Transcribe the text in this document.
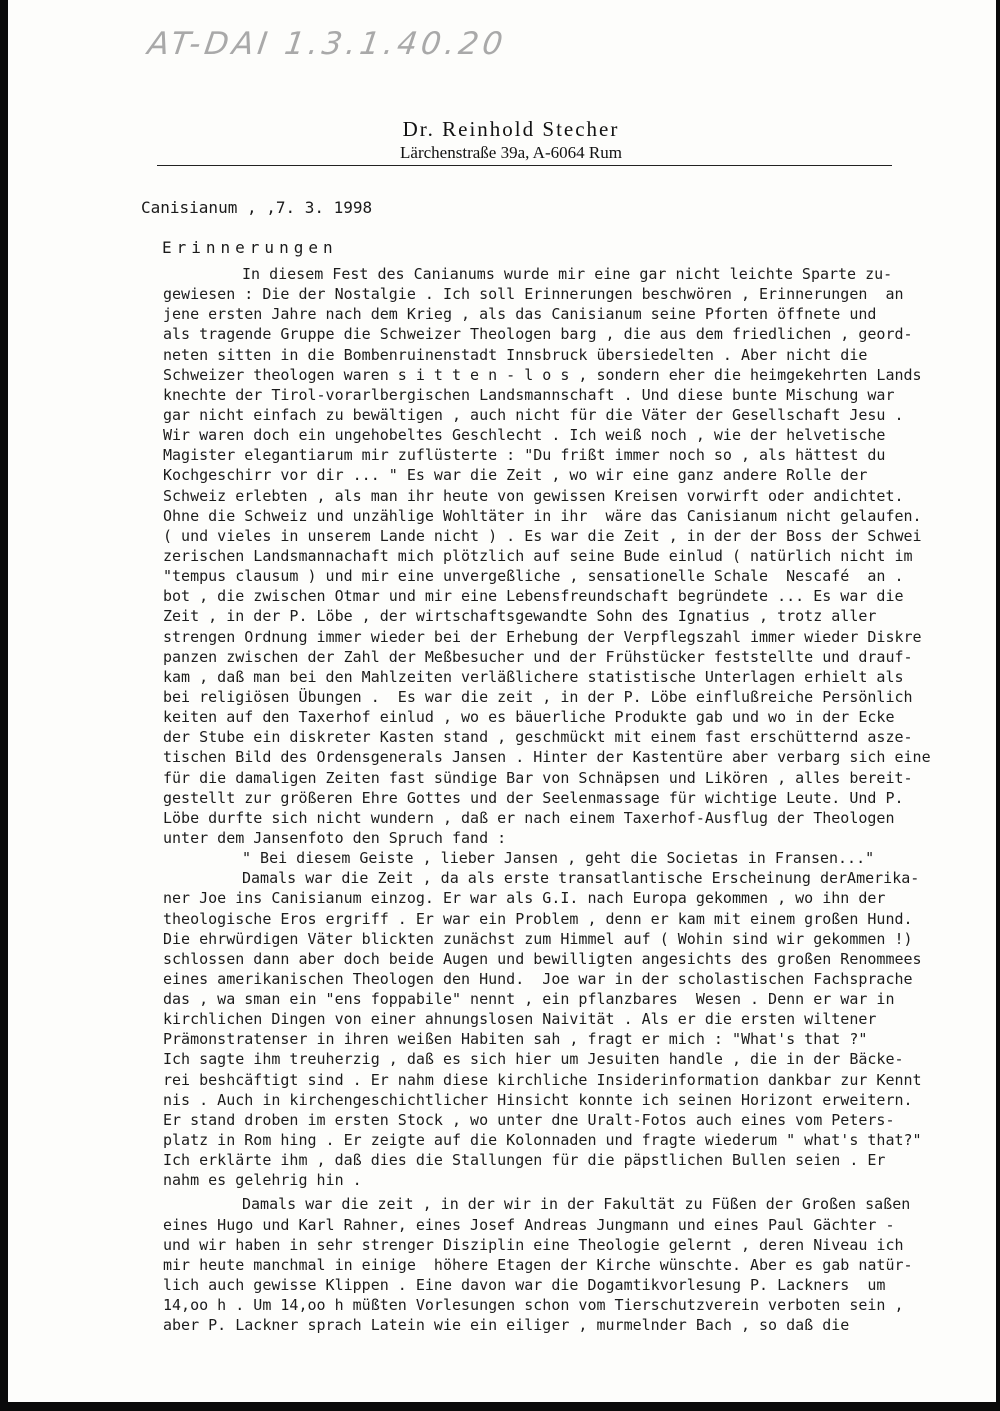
AT-DAI 1.3.1.40.20
Dr. Reinhold Stecher
Lärchenstraße 39a, A-6064 Rum
Canisianum , ,7. 3. 1998
Erinnerungen
In diesem Fest des Canianums wurde mir eine gar nicht leichte Sparte zu-
gewiesen : Die der Nostalgie . Ich soll Erinnerungen beschwören , Erinnerungen  an
jene ersten Jahre nach dem Krieg , als das Canisianum seine Pforten öffnete und
als tragende Gruppe die Schweizer Theologen barg , die aus dem friedlichen , geord-
neten sitten in die Bombenruinenstadt Innsbruck übersiedelten . Aber nicht die
Schweizer theologen waren s i t t e n - l o s , sondern eher die heimgekehrten Lands
knechte der Tirol-vorarlbergischen Landsmannschaft . Und diese bunte Mischung war
gar nicht einfach zu bewältigen , auch nicht für die Väter der Gesellschaft Jesu .
Wir waren doch ein ungehobeltes Geschlecht . Ich weiß noch , wie der helvetische
Magister elegantiarum mir zuflüsterte : "Du frißt immer noch so , als hättest du
Kochgeschirr vor dir ... " Es war die Zeit , wo wir eine ganz andere Rolle der
Schweiz erlebten , als man ihr heute von gewissen Kreisen vorwirft oder andichtet.
Ohne die Schweiz und unzählige Wohltäter in ihr  wäre das Canisianum nicht gelaufen.
( und vieles in unserem Lande nicht ) . Es war die Zeit , in der der Boss der Schwei
zerischen Landsmannachaft mich plötzlich auf seine Bude einlud ( natürlich nicht im
"tempus clausum ) und mir eine unvergeßliche , sensationelle Schale  Nescafé  an .
bot , die zwischen Otmar und mir eine Lebensfreundschaft begründete ... Es war die
Zeit , in der P. Löbe , der wirtschaftsgewandte Sohn des Ignatius , trotz aller
strengen Ordnung immer wieder bei der Erhebung der Verpflegszahl immer wieder Diskre
panzen zwischen der Zahl der Meßbesucher und der Frühstücker feststellte und drauf-
kam , daß man bei den Mahlzeiten verläßlichere statistische Unterlagen erhielt als
bei religiösen Übungen .  Es war die zeit , in der P. Löbe einflußreiche Persönlich
keiten auf den Taxerhof einlud , wo es bäuerliche Produkte gab und wo in der Ecke
der Stube ein diskreter Kasten stand , geschmückt mit einem fast erschütternd asze-
tischen Bild des Ordensgenerals Jansen . Hinter der Kastentüre aber verbarg sich eine
für die damaligen Zeiten fast sündige Bar von Schnäpsen und Likören , alles bereit-
gestellt zur größeren Ehre Gottes und der Seelenmassage für wichtige Leute. Und P.
Löbe durfte sich nicht wundern , daß er nach einem Taxerhof-Ausflug der Theologen
unter dem Jansenfoto den Spruch fand :
" Bei diesem Geiste , lieber Jansen , geht die Societas in Fransen..."
Damals war die Zeit , da als erste transatlantische Erscheinung derAmerika-
ner Joe ins Canisianum einzog. Er war als G.I. nach Europa gekommen , wo ihn der
theologische Eros ergriff . Er war ein Problem , denn er kam mit einem großen Hund.
Die ehrwürdigen Väter blickten zunächst zum Himmel auf ( Wohin sind wir gekommen !)
schlossen dann aber doch beide Augen und bewilligten angesichts des großen Renommees
eines amerikanischen Theologen den Hund.  Joe war in der scholastischen Fachsprache
das , wa sman ein "ens foppabile" nennt , ein pflanzbares  Wesen . Denn er war in
kirchlichen Dingen von einer ahnungslosen Naivität . Als er die ersten wiltener
Prämonstratenser in ihren weißen Habiten sah , fragt er mich : "What's that ?"
Ich sagte ihm treuherzig , daß es sich hier um Jesuiten handle , die in der Bäcke-
rei beshcäftigt sind . Er nahm diese kirchliche Insiderinformation dankbar zur Kennt
nis . Auch in kirchengeschichtlicher Hinsicht konnte ich seinen Horizont erweitern.
Er stand droben im ersten Stock , wo unter dne Uralt-Fotos auch eines vom Peters-
platz in Rom hing . Er zeigte auf die Kolonnaden und fragte wiederum " what's that?"
Ich erklärte ihm , daß dies die Stallungen für die päpstlichen Bullen seien . Er
nahm es gelehrig hin .
Damals war die zeit , in der wir in der Fakultät zu Füßen der Großen saßen
eines Hugo und Karl Rahner, eines Josef Andreas Jungmann und eines Paul Gächter -
und wir haben in sehr strenger Disziplin eine Theologie gelernt , deren Niveau ich
mir heute manchmal in einige  höhere Etagen der Kirche wünschte. Aber es gab natür-
lich auch gewisse Klippen . Eine davon war die Dogamtikvorlesung P. Lackners  um
14,oo h . Um 14,oo h müßten Vorlesungen schon vom Tierschutzverein verboten sein ,
aber P. Lackner sprach Latein wie ein eiliger , murmelnder Bach , so daß die
